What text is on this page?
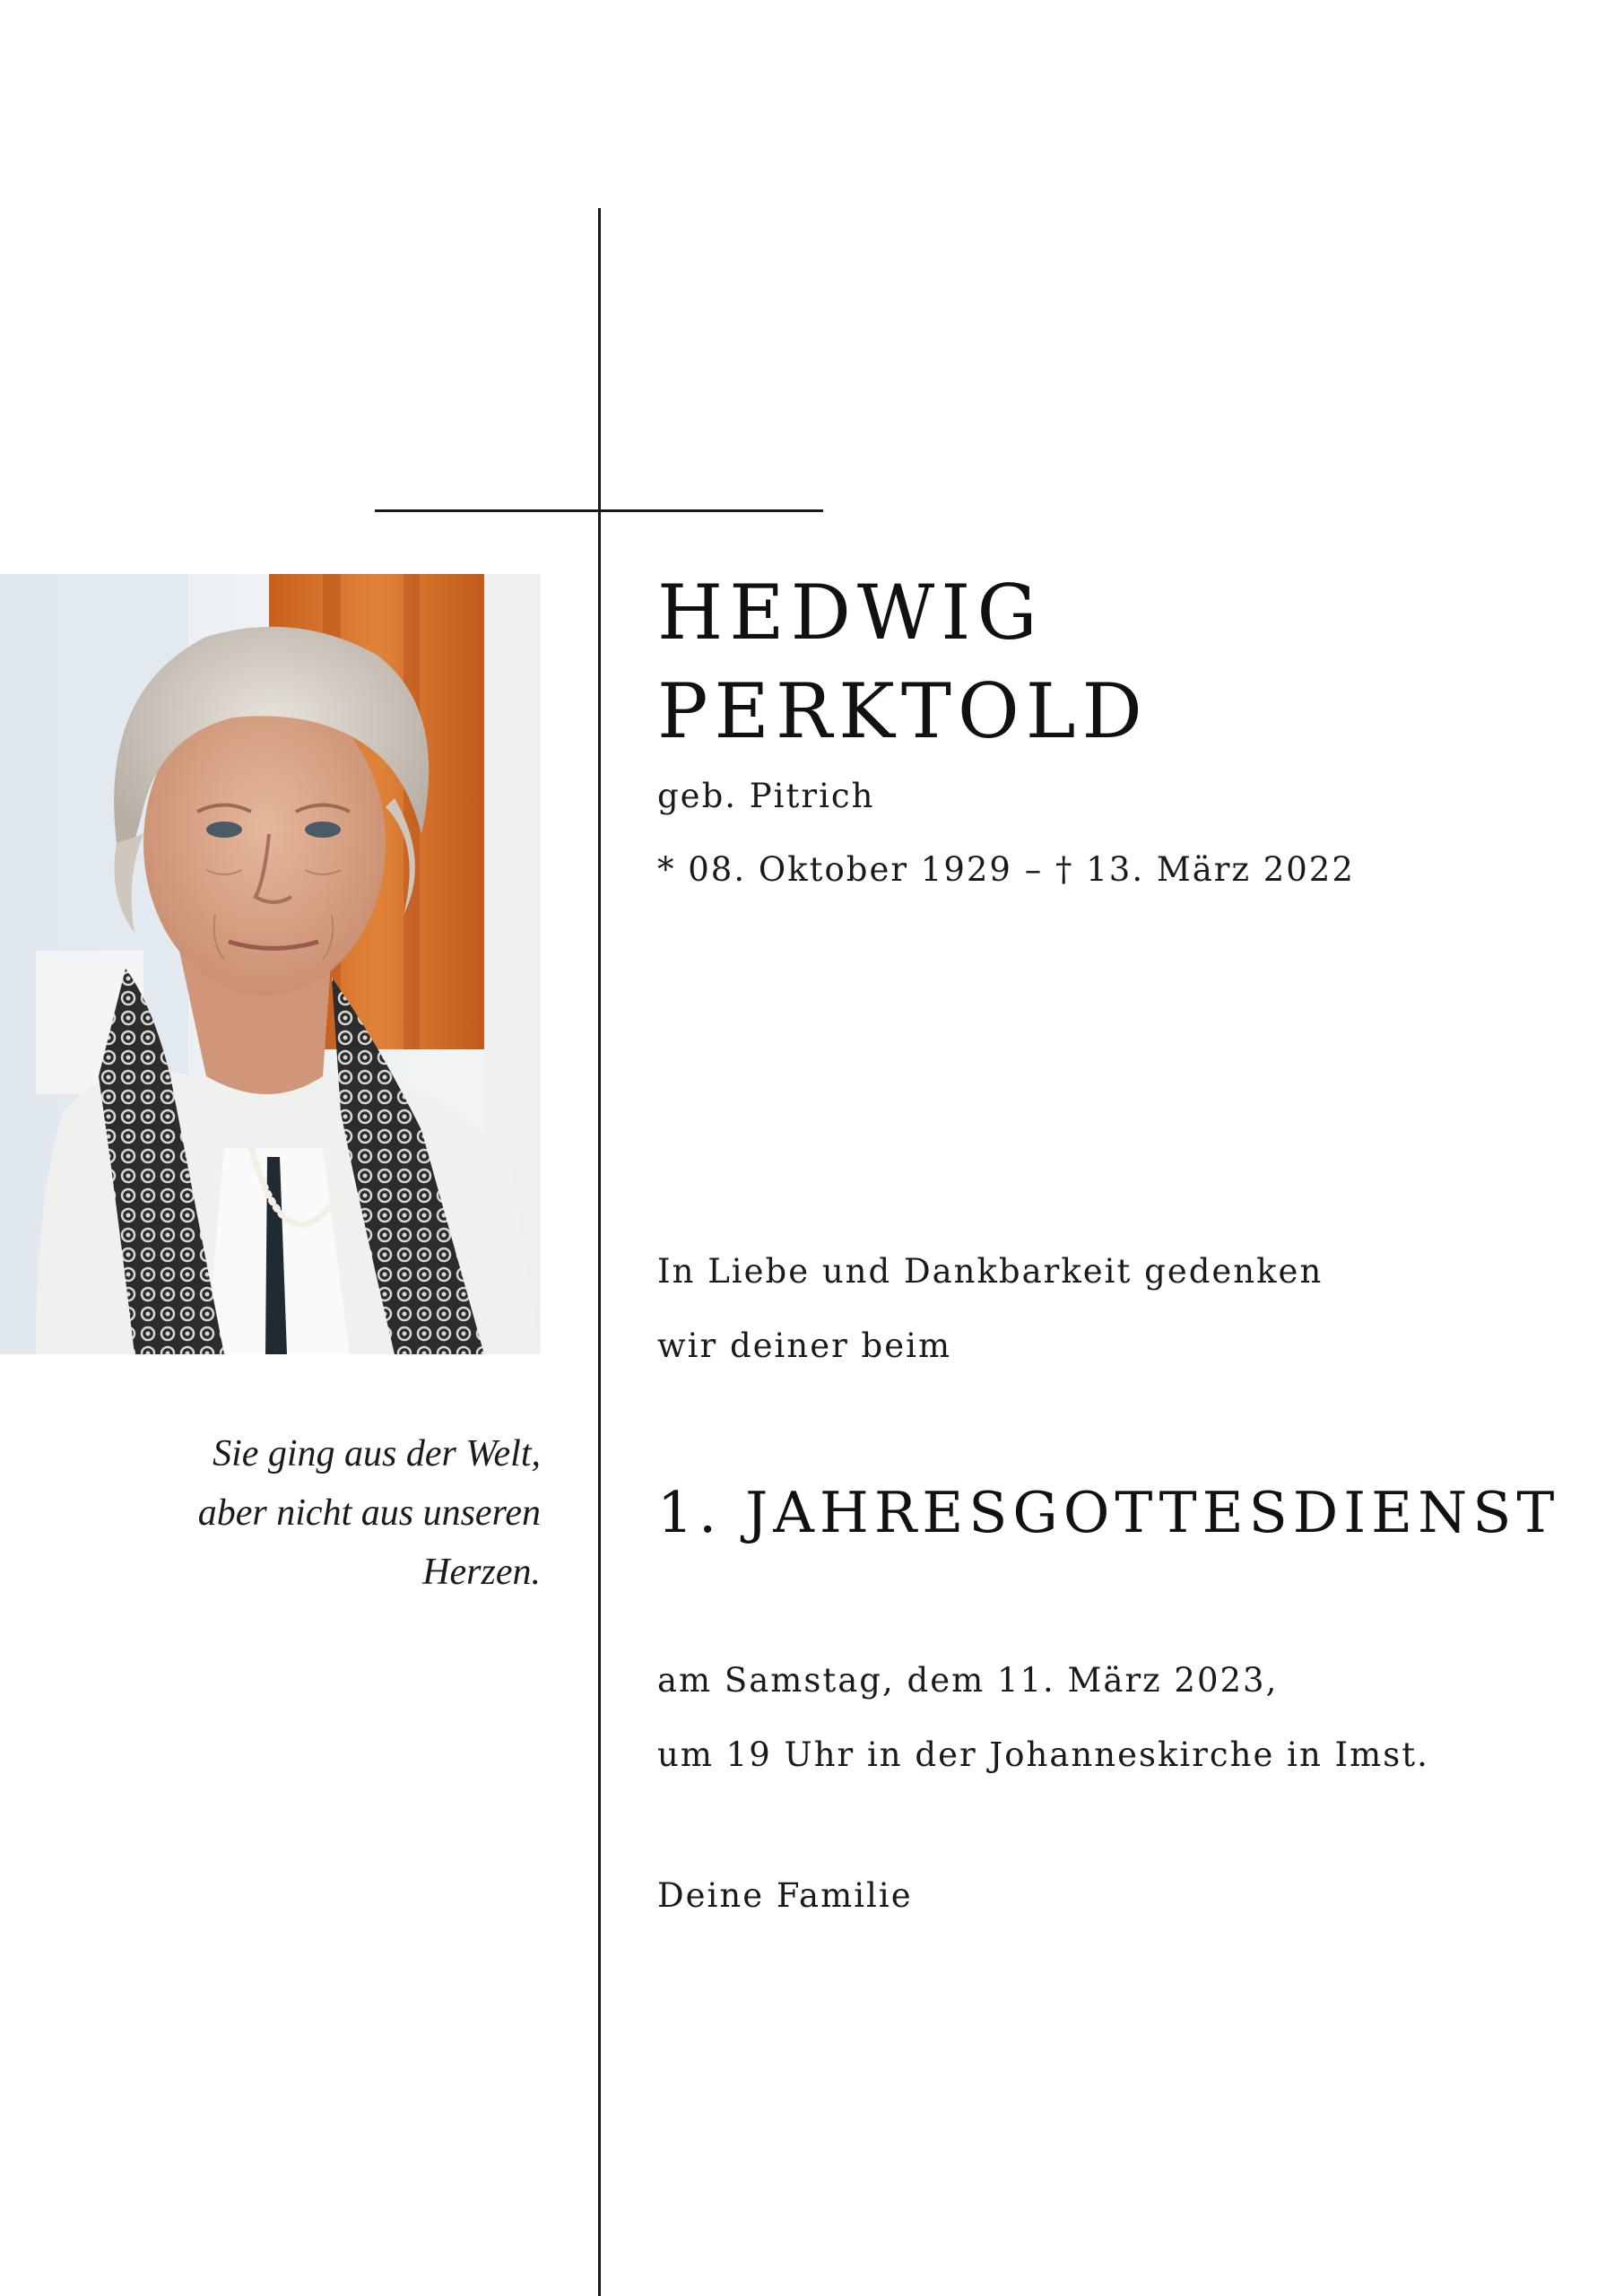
Sie ging aus der Welt,
aber nicht aus unseren
Herzen.
HEDWIG
PERKTOLD
geb. Pitrich
* 08. Oktober 1929 – † 13. März 2022
In Liebe und Dankbarkeit gedenken
wir deiner beim
1. JAHRESGOTTESDIENST
am Samstag, dem 11. März 2023,
um 19 Uhr in der Johanneskirche in Imst.
Deine Familie
